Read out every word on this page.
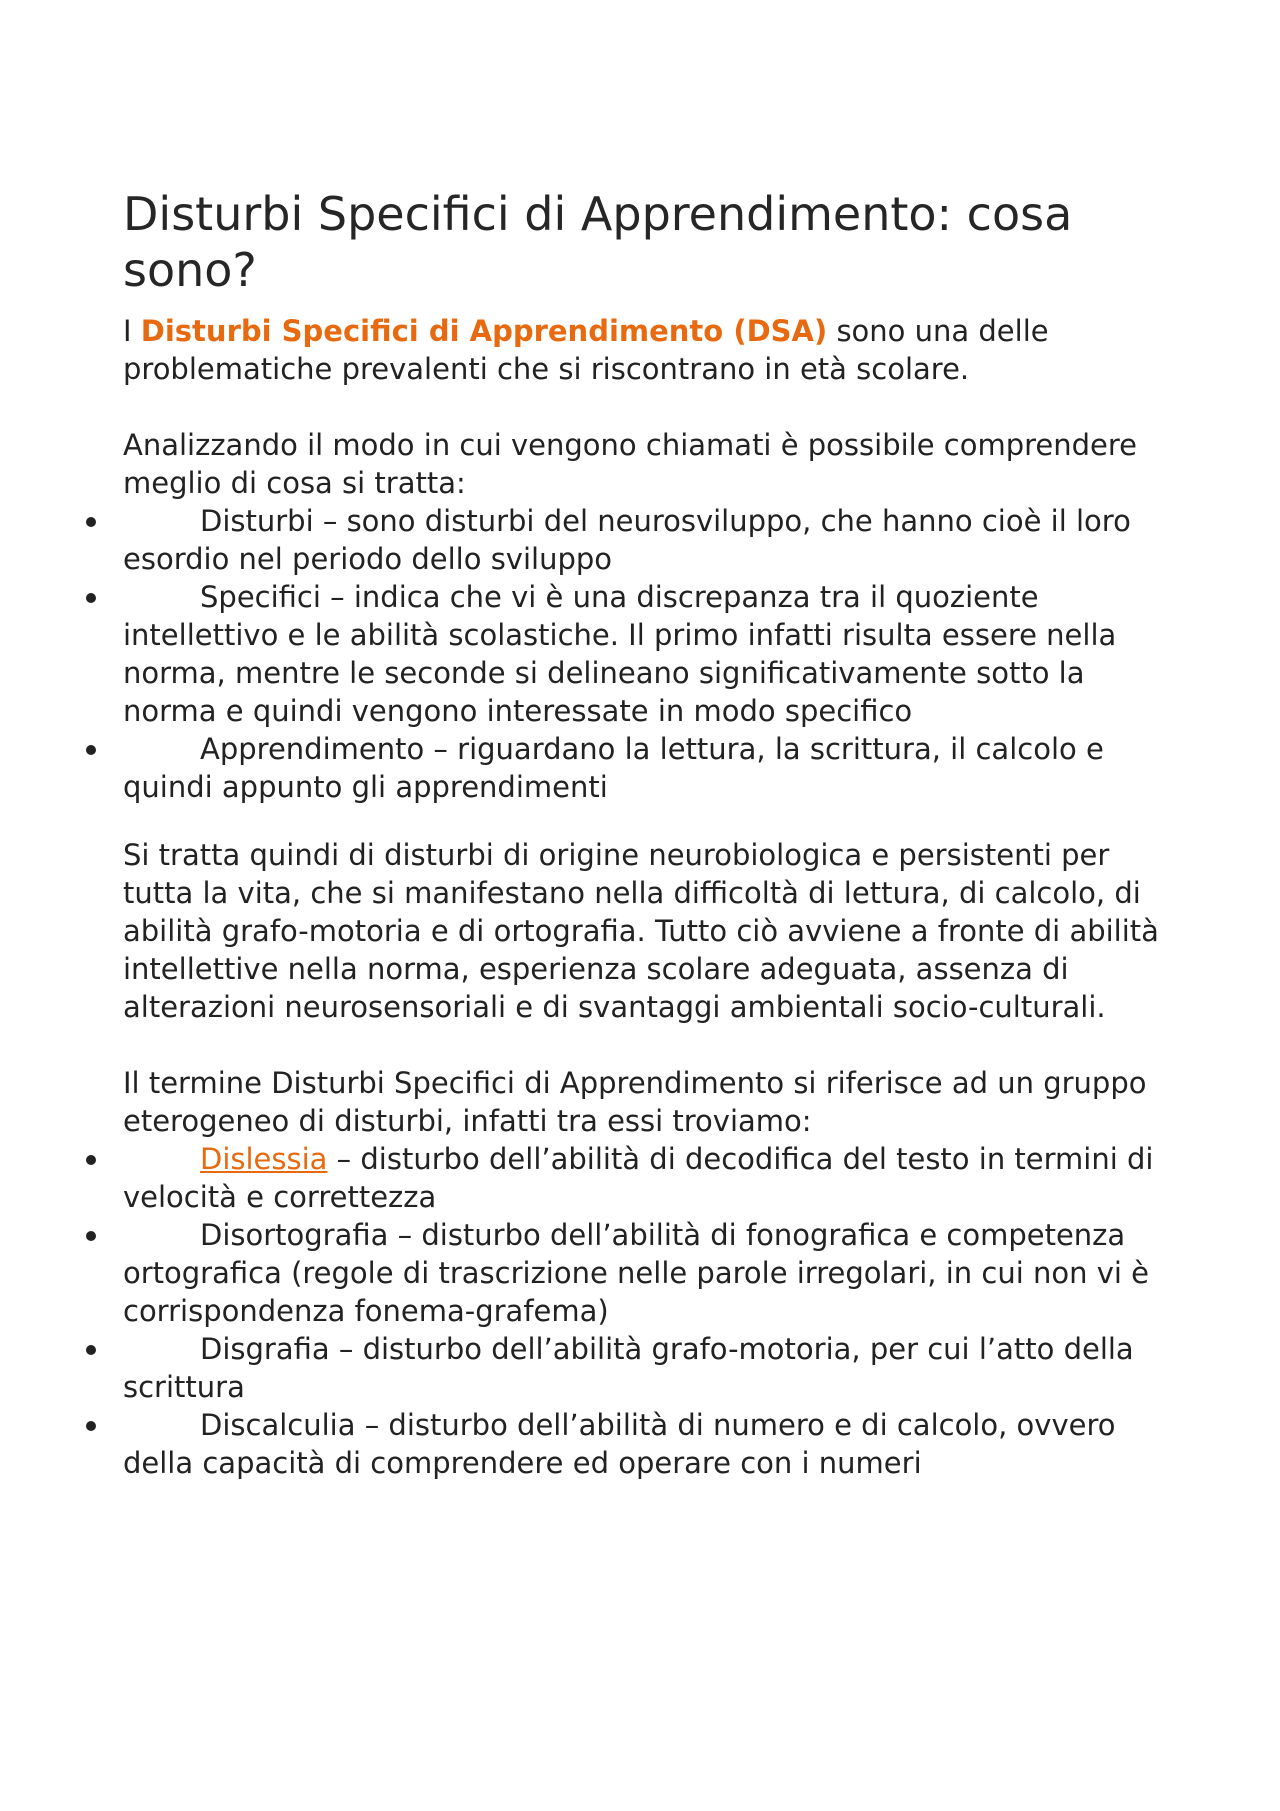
Disturbi Specifici di Apprendimento: cosa sono?

I Disturbi Specifici di Apprendimento (DSA) sono una delle problematiche prevalenti che si riscontrano in età scolare.

Analizzando il modo in cui vengono chiamati è possibile comprendere meglio di cosa si tratta:

Disturbi – sono disturbi del neurosviluppo, che hanno cioè il loro esordio nel periodo dello sviluppo
Specifici – indica che vi è una discrepanza tra il quoziente intellettivo e le abilità scolastiche. Il primo infatti risulta essere nella norma, mentre le seconde si delineano significativamente sotto la norma e quindi vengono interessate in modo specifico
Apprendimento – riguardano la lettura, la scrittura, il calcolo e quindi appunto gli apprendimenti

Si tratta quindi di disturbi di origine neurobiologica e persistenti per tutta la vita, che si manifestano nella difficoltà di lettura, di calcolo, di abilità grafo-motoria e di ortografia. Tutto ciò avviene a fronte di abilità intellettive nella norma, esperienza scolare adeguata, assenza di alterazioni neurosensoriali e di svantaggi ambientali socio-culturali.

Il termine Disturbi Specifici di Apprendimento si riferisce ad un gruppo eterogeneo di disturbi, infatti tra essi troviamo:

Dislessia – disturbo dell’abilità di decodifica del testo in termini di velocità e correttezza
Disortografia – disturbo dell’abilità di fonografica e competenza ortografica (regole di trascrizione nelle parole irregolari, in cui non vi è corrispondenza fonema-grafema)
Disgrafia – disturbo dell’abilità grafo-motoria, per cui l’atto della scrittura
Discalculia – disturbo dell’abilità di numero e di calcolo, ovvero della capacità di comprendere ed operare con i numeri
